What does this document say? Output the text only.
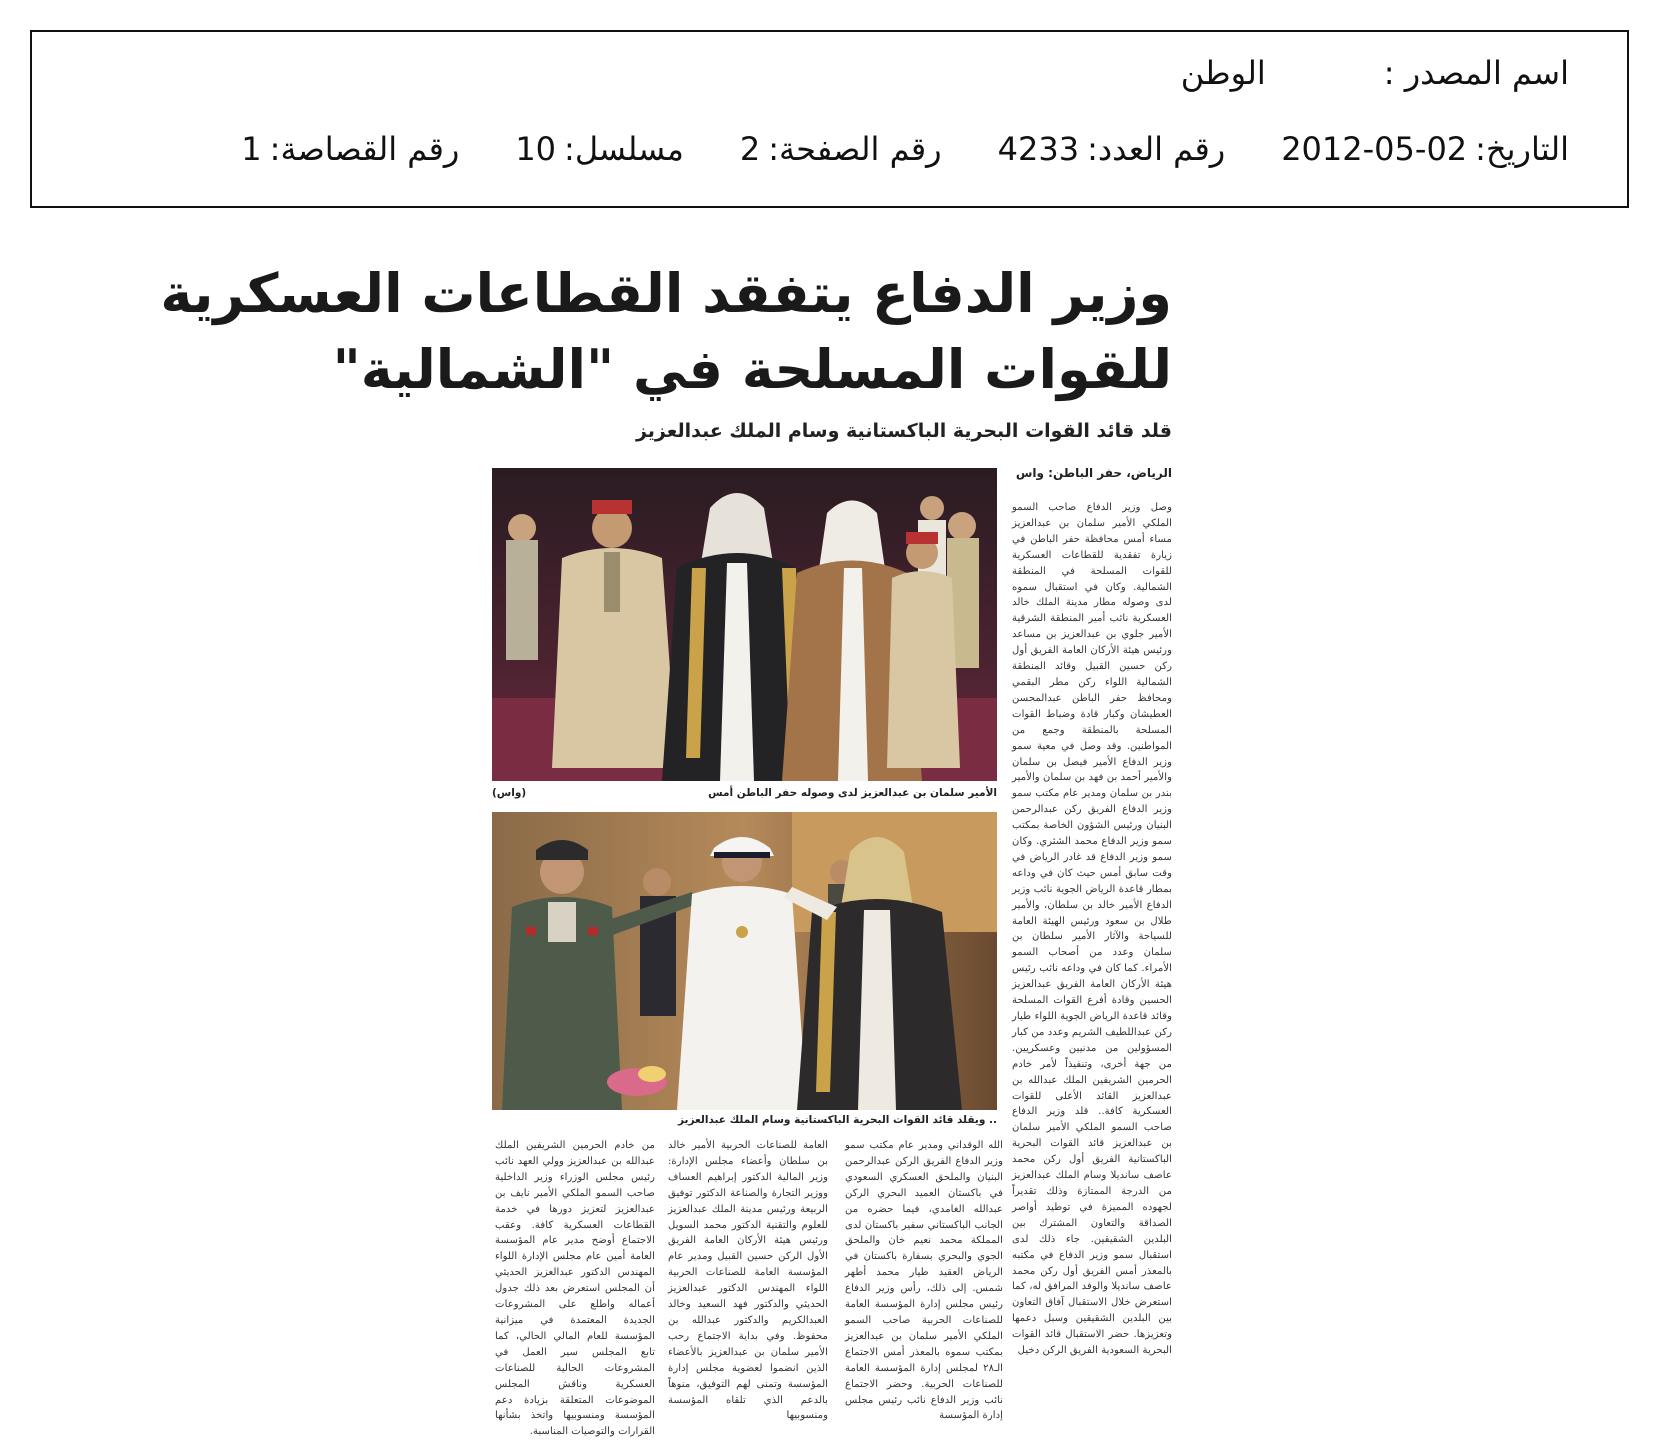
اسم المصدر :
الوطن
التاريخ:
2012-05-02
رقم العدد:
4233
رقم الصفحة:
2
مسلسل:
10
رقم القصاصة:
1
وزير الدفاع يتفقد القطاعات العسكرية
للقوات المسلحة في "الشمالية"
قلد قائد القوات البحرية الباكستانية وسام الملك عبدالعزيز
الرياض، حفر الباطن: واس
وصل وزير الدفاع صاحب السمو الملكي الأمير سلمان بن عبدالعزيز مساء أمس محافظة حفر الباطن في زيارة تفقدية للقطاعات العسكرية للقوات المسلحة في المنطقة الشمالية. وكان في استقبال سموه لدى وصوله مطار مدينة الملك خالد العسكرية نائب أمير المنطقة الشرقية الأمير جلوي بن عبدالعزيز بن مساعد ورئيس هيئة الأركان العامة الفريق أول ركن حسين القبيل وقائد المنطقة الشمالية اللواء ركن مطر البقمي ومحافظ حفر الباطن عبدالمحسن العطيشان وكبار قادة وضباط القوات المسلحة بالمنطقة وجمع من المواطنين. وقد وصل في معية سمو وزير الدفاع الأمير فيصل بن سلمان والأمير أحمد بن فهد بن سلمان والأمير بندر بن سلمان ومدير عام مكتب سمو وزير الدفاع الفريق ركن عبدالرحمن البنيان ورئيس الشؤون الخاصة بمكتب سمو وزير الدفاع محمد الشثري. وكان سمو وزير الدفاع قد غادر الرياض في وقت سابق أمس حيث كان في وداعه بمطار قاعدة الرياض الجوية نائب وزير الدفاع الأمير خالد بن سلطان، والأمير طلال بن سعود ورئيس الهيئة العامة للسياحة والآثار الأمير سلطان بن سلمان وعدد من أصحاب السمو الأمراء. كما كان في وداعه نائب رئيس هيئة الأركان العامة الفريق عبدالعزيز الحسين وقادة أفرع القوات المسلحة وقائد قاعدة الرياض الجوية اللواء طيار ركن عبداللطيف الشريم وعدد من كبار المسؤولين من مدنيين وعسكريين. من جهة أخرى، وتنفيذاً لأمر خادم الحرمين الشريفين الملك عبدالله بن عبدالعزيز القائد الأعلى للقوات العسكرية كافة.. قلد وزير الدفاع صاحب السمو الملكي الأمير سلمان بن عبدالعزيز قائد القوات البحرية الباكستانية الفريق أول ركن محمد عاصف سانديلا وسام الملك عبدالعزيز من الدرجة الممتازة وذلك تقديراً لجهوده المميزة في توطيد أواصر الصداقة والتعاون المشترك بين البلدين الشقيقين. جاء ذلك لدى استقبال سمو وزير الدفاع في مكتبه بالمعذر أمس الفريق أول ركن محمد عاصف سانديلا والوفد المرافق له، كما استعرض خلال الاستقبال آفاق التعاون بين البلدين الشقيقين وسبل دعمها وتعزيزها. حضر الاستقبال قائد القوات البحرية السعودية الفريق الركن دخيل
الأمير سلمان بن عبدالعزيز لدى وصوله حفر الباطن أمس
(واس)
.. ويقلد قائد القوات البحرية الباكستانية وسام الملك عبدالعزيز
الله الوقداني ومدير عام مكتب سمو وزير الدفاع الفريق الركن عبدالرحمن البنيان والملحق العسكري السعودي في باكستان العميد البحري الركن عبدالله الغامدي، فيما حضره من الجانب الباكستاني سفير باكستان لدى المملكة محمد نعيم خان والملحق الجوي والبحري بسفارة باكستان في الرياض العقيد طيار محمد أطهر شمس. إلى ذلك، رأس وزير الدفاع رئيس مجلس إدارة المؤسسة العامة للصناعات الحربية صاحب السمو الملكي الأمير سلمان بن عبدالعزيز بمكتب سموه بالمعذر أمس الاجتماع الـ٢٨ لمجلس إدارة المؤسسة العامة للصناعات الحربية. وحضر الاجتماع نائب وزير الدفاع نائب رئيس مجلس إدارة المؤسسة
العامة للصناعات الحربية الأمير خالد بن سلطان وأعضاء مجلس الإدارة: وزير المالية الدكتور إبراهيم العساف ووزير التجارة والصناعة الدكتور توفيق الربيعة ورئيس مدينة الملك عبدالعزيز للعلوم والتقنية الدكتور محمد السويل ورئيس هيئة الأركان العامة الفريق الأول الركن حسين القبيل ومدير عام المؤسسة العامة للصناعات الحربية اللواء المهندس الدكتور عبدالعزيز الحديثي والدكتور فهد السعيد وخالد العبدالكريم والدكتور عبدالله بن محفوظ. وفي بداية الاجتماع رحب الأمير سلمان بن عبدالعزيز بالأعضاء الذين انضموا لعضوية مجلس إدارة المؤسسة وتمنى لهم التوفيق، منوهاً بالدعم الذي تلقاه المؤسسة ومنسوبيها
من خادم الحرمين الشريفين الملك عبدالله بن عبدالعزيز وولي العهد نائب رئيس مجلس الوزراء وزير الداخلية صاحب السمو الملكي الأمير نايف بن عبدالعزيز لتعزيز دورها في خدمة القطاعات العسكرية كافة. وعقب الاجتماع أوضح مدير عام المؤسسة العامة أمين عام مجلس الإدارة اللواء المهندس الدكتور عبدالعزيز الحديثي أن المجلس استعرض بعد ذلك جدول أعماله واطلع على المشروعات الجديدة المعتمدة في ميزانية المؤسسة للعام المالي الحالي، كما تابع المجلس سير العمل في المشروعات الحالية للصناعات العسكرية وناقش المجلس الموضوعات المتعلقة بزيادة دعم المؤسسة ومنسوبيها واتخذ بشأنها القرارات والتوصيات المناسبة.
